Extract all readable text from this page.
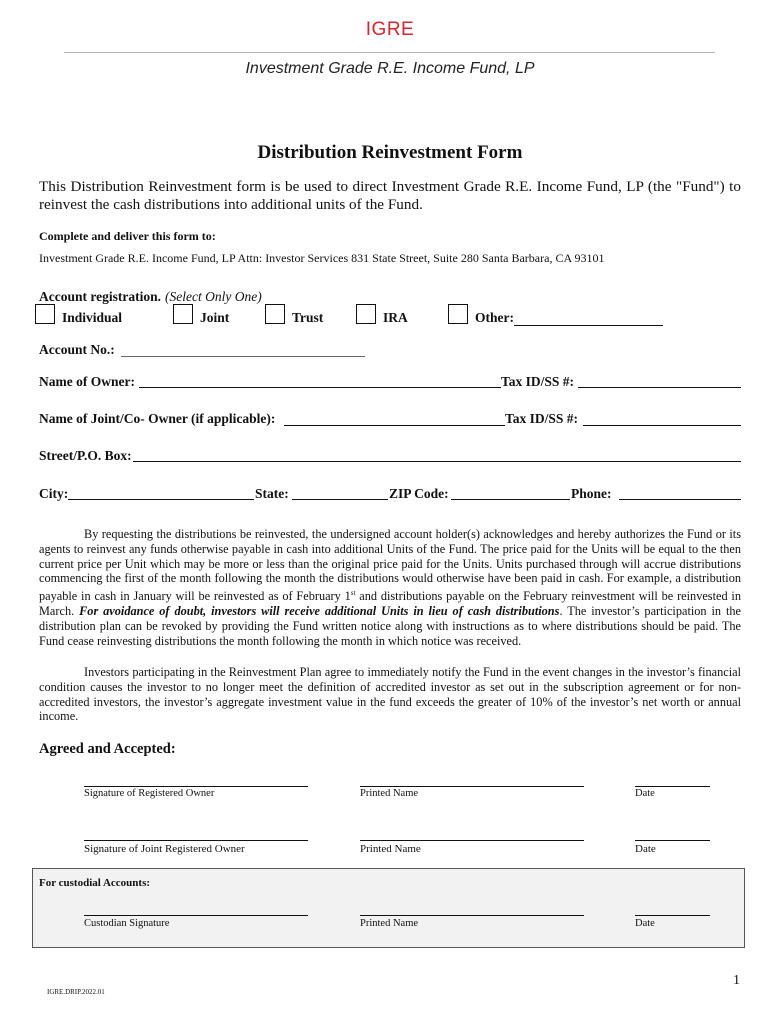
IGRE
Investment Grade R.E. Income Fund, LP
Distribution Reinvestment Form
This Distribution Reinvestment form is be used to direct Investment Grade R.E. Income Fund, LP (the "Fund") to reinvest the cash distributions into additional units of the Fund.
Complete and deliver this form to:
Investment Grade R.E. Income Fund, LP Attn: Investor Services 831 State Street, Suite 280 Santa Barbara, CA 93101
Account registration. (Select Only One)
Individual	Joint	Trust	IRA	Other:
Account No.:
Name of Owner:	Tax ID/SS #:
Name of Joint/Co- Owner (if applicable):	Tax ID/SS #:
Street/P.O. Box:
City:	State:	ZIP Code:	Phone:

By requesting the distributions be reinvested, the undersigned account holder(s) acknowledges and hereby authorizes the Fund or its agents to reinvest any funds otherwise payable in cash into additional Units of the Fund. The price paid for the Units will be equal to the then current price per Unit which may be more or less than the original price paid for the Units. Units purchased through will accrue distributions commencing the first of the month following the month the distributions would otherwise have been paid in cash. For example, a distribution payable in cash in January will be reinvested as of February 1st and distributions payable on the February reinvestment will be reinvested in March. For avoidance of doubt, investors will receive additional Units in lieu of cash distributions. The investor’s participation in the distribution plan can be revoked by providing the Fund written notice along with instructions as to where distributions should be paid. The Fund cease reinvesting distributions the month following the month in which notice was received.

Investors participating in the Reinvestment Plan agree to immediately notify the Fund in the event changes in the investor’s financial condition causes the investor to no longer meet the definition of accredited investor as set out in the subscription agreement or for non-accredited investors, the investor’s aggregate investment value in the fund exceeds the greater of 10% of the investor’s net worth or annual income.

Agreed and Accepted:
Signature of Registered Owner	Printed Name	Date
Signature of Joint Registered Owner	Printed Name	Date
For custodial Accounts:
Custodian Signature	Printed Name	Date
1
IGRE.DRIP.2022.01
